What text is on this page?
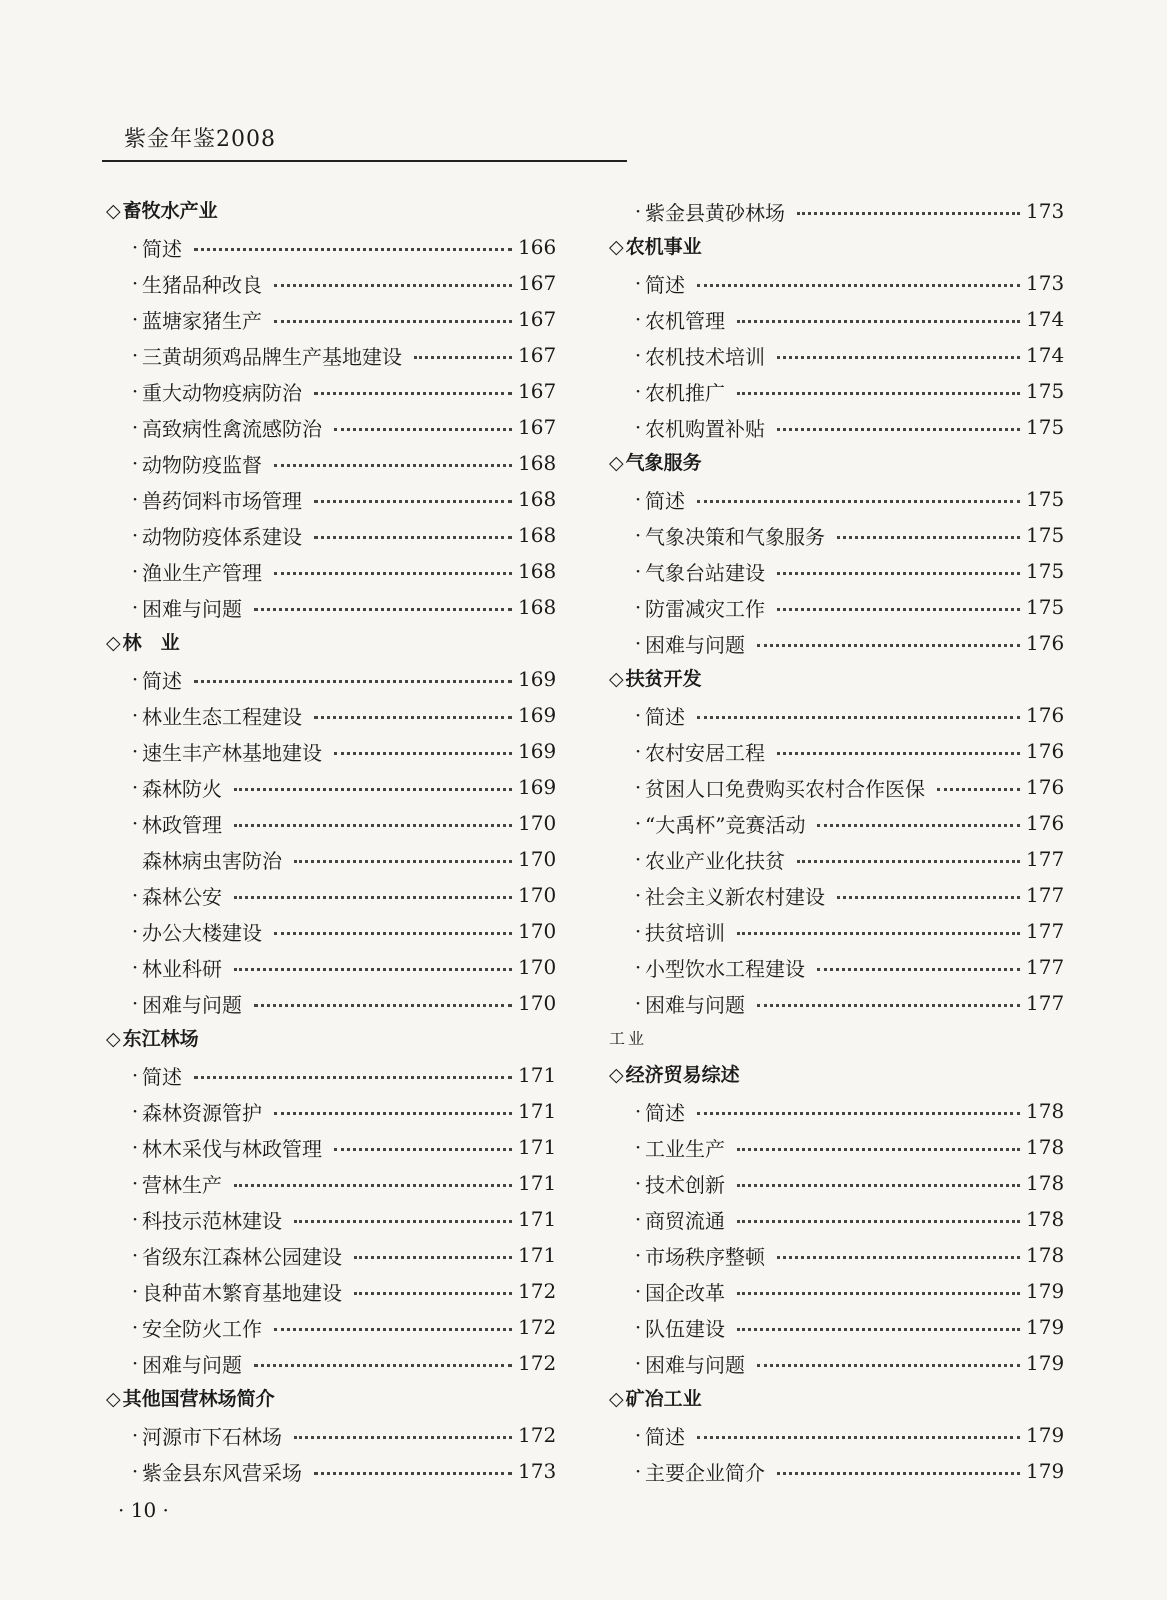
紫金年鉴2008
◇ 畜牧水产业
· 简述	166
· 生猪品种改良	167
· 蓝塘家猪生产	167
· 三黄胡须鸡品牌生产基地建设	167
· 重大动物疫病防治	167
· 高致病性禽流感防治	167
· 动物防疫监督	168
· 兽药饲料市场管理	168
· 动物防疫体系建设	168
· 渔业生产管理	168
· 困难与问题	168
◇ 林　业
· 简述	169
· 林业生态工程建设	169
· 速生丰产林基地建设	169
· 森林防火	169
· 林政管理	170
森林病虫害防治	170
· 森林公安	170
· 办公大楼建设	170
· 林业科研	170
· 困难与问题	170
◇ 东江林场
· 简述	171
· 森林资源管护	171
· 林木采伐与林政管理	171
· 营林生产	171
· 科技示范林建设	171
· 省级东江森林公园建设	171
· 良种苗木繁育基地建设	172
· 安全防火工作	172
· 困难与问题	172
◇ 其他国营林场简介
· 河源市下石林场	172
· 紫金县东风营采场	173
· 紫金县黄砂林场	173
◇ 农机事业
· 简述	173
· 农机管理	174
· 农机技术培训	174
· 农机推广	175
· 农机购置补贴	175
◇ 气象服务
· 简述	175
· 气象决策和气象服务	175
· 气象台站建设	175
· 防雷减灾工作	175
· 困难与问题	176
◇ 扶贫开发
· 简述	176
· 农村安居工程	176
· 贫困人口免费购买农村合作医保	176
· “大禹杯”竞赛活动	176
· 农业产业化扶贫	177
· 社会主义新农村建设	177
· 扶贫培训	177
· 小型饮水工程建设	177
· 困难与问题	177
工业
◇ 经济贸易综述
· 简述	178
· 工业生产	178
· 技术创新	178
· 商贸流通	178
· 市场秩序整顿	178
· 国企改革	179
· 队伍建设	179
· 困难与问题	179
◇ 矿冶工业
· 简述	179
· 主要企业简介	179
· 10 ·
